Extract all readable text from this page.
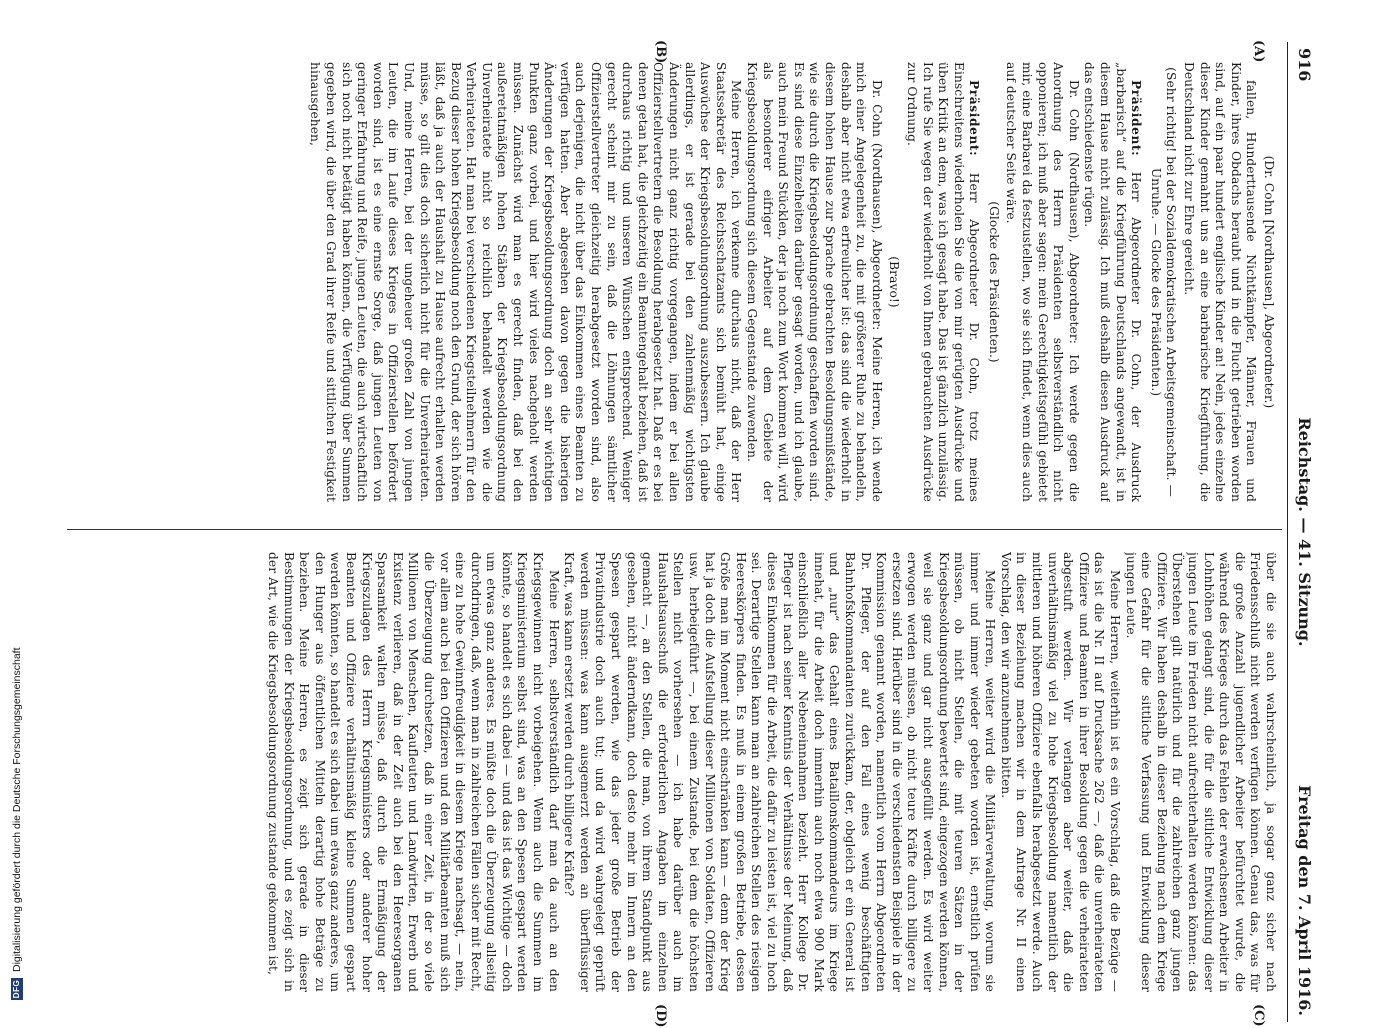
DFG
Digitalisierung gefördert durch die Deutsche Forschungsgemeinschaft
916
Reichstag. — 41. Sitzung.
Freitag den 7. April 1916.
(A)
(B)
(C)
(D)

(Dr. Cohn [Nordhausen], Abgeordneter.)

fallen, Hunderttausende Nichtkämpfer, Männer, Frauen und Kinder, ihres Obdachs beraubt und in die Flucht getrieben worden sind, auf ein paar hundert englische Kinder an! Nein, jedes einzelne dieser Kinder gemahnt uns an eine barbarische Kriegführung, die Deutschland nicht zur Ehre gereicht.

(Sehr richtig! bei der Sozialdemokratischen Arbeitsgemeinschaft. — Unruhe. — Glocke des Präsidenten.)

Präsident: Herr Abgeordneter Dr. Cohn, der Ausdruck „barbarisch“ auf die Kriegführung Deutschlands angewandt, ist in diesem Hause nicht zulässig. Ich muß deshalb diesen Ausdruck auf das entschiedenste rügen.

Dr. Cohn (Nordhausen), Abgeordneter: Ich werde gegen die Anordnung des Herrn Präsidenten selbstverständlich nicht opponieren; ich muß aber sagen: mein Gerechtigkeitsgefühl gebietet mir, eine Barbarei da festzustellen, wo sie sich findet, wenn dies auch auf deutscher Seite wäre.

(Glocke des Präsidenten.)

Präsident: Herr Abgeordneter Dr. Cohn, trotz meines Einschreitens wiederholen Sie die von mir gerügten Ausdrücke und üben Kritik an dem, was ich gesagt habe. Das ist gänzlich unzulässig. Ich rufe Sie wegen der wiederholt von Ihnen gebrauchten Ausdrücke zur Ordnung.

(Bravo!)

Dr. Cohn (Nordhausen), Abgeordneter: Meine Herren, ich wende mich einer Angelegenheit zu, die mit größerer Ruhe zu behandeln, deshalb aber nicht etwa erfreulicher ist: das sind die wiederholt in diesem hohen Hause zur Sprache gebrachten Besoldungsmißstände, wie sie durch die Kriegsbesoldungsordnung geschaffen worden sind. Es sind diese Einzelheiten darüber gesagt worden, und ich glaube, auch mein Freund Stücklen, der ja noch zum Wort kommen will, wird als besonderer eifriger Arbeiter auf dem Gebiete der Kriegsbesoldungsordnung sich diesem Gegenstande zuwenden.

Meine Herren, ich verkenne durchaus nicht, daß der Herr Staatssekretär des Reichsschatzamts sich bemüht hat, einige Auswüchse der Kriegsbesoldungsordnung auszubessern. Ich glaube allerdings, er ist gerade bei den zahlenmäßig wichtigsten Änderungen nicht ganz richtig vorgegangen, indem er bei allen Offizierstellvertretern die Besoldung herabgesetzt hat. Daß er es bei denen getan hat, die gleichzeitig ein Beamtengehalt beziehen, daß ist durchaus richtig und unseren Wünschen entsprechend. Weniger gerecht scheint mir zu sein, daß die Löhnungen sämtlicher Offizierstellvertreter gleichzeitig herabgesetzt worden sind, also auch derjenigen, die nicht über das Einkommen eines Beamten zu verfügen hatten. Aber abgesehen davon gegen die bisherigen Änderungen der Kriegsbesoldungsordnung doch an sehr wichtigen Punkten ganz vorbei, und hier wird vieles nachgeholt werden müssen. Zunächst wird man es gerecht finden, daß bei den außeretatmäßigen hohen Stäben der Kriegsbesoldungsordnung Unverheiratete nicht so reichlich behandelt werden wie die Verheirateten. Hat man bei verschiedenen Kriegsteilnehmern für den Bezug dieser hohen Kriegsbesoldung noch den Grund, der sich hören läßt, daß ja auch der Haushalt zu Hause aufrecht erhalten werden müsse, so gilt dies doch sicherlich nicht für die Unverheirateten. Und, meine Herren, bei der ungeheuer großen Zahl von jungen Leuten, die im Laufe dieses Krieges in Offizierstellen befördert worden sind, ist es eine ernste Sorge, daß jungen Leuten von geringer Erfahrung und Reife, jungen Leuten, die auch wirtschaftlich sich noch nicht betätigt haben können, die Verfügung über Summen gegeben wird, die über den Grad ihrer Reife und sittlichen Festigkeit hinausgehen,

über die sie auch wahrscheinlich, ja sogar ganz sicher nach Friedensschluß nicht werden verfügen können. Genau das, was für die große Anzahl jugendlicher Arbeiter befürchtet wurde, die während des Krieges durch das Fehlen der erwachsenen Arbeiter in Lohnhöhen gelangt sind, die für die sittliche Entwicklung dieser jungen Leute im Frieden nicht aufrechterhalten werden können: das Überstehen gilt natürlich und für die zahlreichen ganz jungen Offiziere. Wir haben deshalb in dieser Beziehung nach dem Kriege eine Gefahr für die sittliche Verfassung und Entwicklung dieser jungen Leute.

Meine Herren, weiterhin ist es ein Vorschlag, daß die Bezüge — das ist die Nr. II auf Drucksache 262 —, daß die unverheirateten Offiziere und Beamten in ihrer Besoldung gegen die verheirateten abgestuft werden. Wir verlangen aber weiter, daß die unverhältnismäßig viel zu hohe Kriegsbesoldung namentlich der mittleren und höheren Offiziere ebenfalls herabgesetzt werde. Auch in dieser Beziehung machen wir in dem Antrage Nr. II einen Vorschlag, den wir anzunehmen bitten.

Meine Herren, weiter wird die Militärverwaltung, worum sie immer und immer wieder gebeten worden ist, ernstlich prüfen müssen, ob nicht Stellen, die mit teuren Sätzen in der Kriegsbesoldungsordnung bewertet sind, eingezogen werden können, weil sie ganz und gar nicht ausgefüllt werden. Es wird weiter erwogen werden müssen, ob nicht teure Kräfte durch billigere zu ersetzen sind. Hierüber sind in die verschiedensten Beispiele in der Kommission genannt worden, namentlich vom Herrn Abgeordneten Dr. Pfleger, der auf den Fall eines wenig beschäftigten Bahnhofskommandanten zurückkam, der, obgleich er ein General ist und „nur“ das Gehalt eines Bataillonskommandeurs im Kriege innehat, für die Arbeit doch immerhin auch noch etwa 900 Mark einschließlich aller Nebeneinnahmen bezieht. Herr Kollege Dr. Pfleger ist nach seiner Kenntnis der Verhältnisse der Meinung, daß dieses Einkommen für die Arbeit, die dafür zu leisten ist, viel zu hoch sei. Derartige Stellen kann man an zahlreichen Stellen des riesigen Heereskörpers finden. Es muß in einem großen Betriebe, dessen Größe man im Moment nicht einschränken kann — denn der Krieg hat ja doch die Aufstellung dieser Millionen von Soldaten, Offizieren usw. herbeigeführt —, bei einem Zustande, bei dem die höchsten Stellen nicht vorhersehen — ich habe darüber auch im Haushaltsausschuß die erforderlichen Angaben im einzelnen gemacht —, an den Stellen, die man, von ihrem Standpunkt aus gesehen, nicht änderndkann, doch desto mehr im Innern an den Spesen gespart werden, wie das jeder große Betrieb der Privatindustrie doch auch tut; und da wird wahrgelegt geprüft werden müssen: was kann ausgemerzt werden an überflüssiger Kraft, was kann ersetzt werden durch billigere Kräfte?

Meine Herren, selbstverständlich darf man da auch an den Kriegsgewinnen nicht vorbeigehen. Wenn auch die Summen im Kriegsministerium selbst sind, was an den Spesen gespart werden könnte, so handelt es sich dabei — und das ist das Wichtige — doch um etwas ganz anderes. Es müßte doch die Überzeugung allseitig durchdringen, daß, wenn man in zahlreichen Fällen sicher mit Recht, eine zu hohe Gewinnfreudigkeit in diesem Kriege nachsagt, — nein, vor allem auch bei den Offizieren und den Militärbeamten muß sich die Überzeugung durchsetzen, daß in einer Zeit, in der so viele Millionen von Menschen, Kaufleuten und Landwirten, Erwerb und Existenz verlieren, daß in der Zeit auch bei den Heeresorganen Sparsamkeit walten müsse, daß durch die Ermäßigung der Kriegszulagen des Herrn Kriegsministers oder anderer hoher Beamten und Offiziere verhältnismäßig kleine Summen gespart werden könnten, so handelt es sich dabei um etwas ganz anderes, um den Hunger aus öffentlichen Mitteln derartig hohe Beträge zu beziehen. Meine Herren, es zeigt sich gerade in dieser Bestimmungen der Kriegsbesoldungsordnung, und es zeigt sich in der Art, wie die Kriegsbesoldungsordnung zustande gekommen ist,
